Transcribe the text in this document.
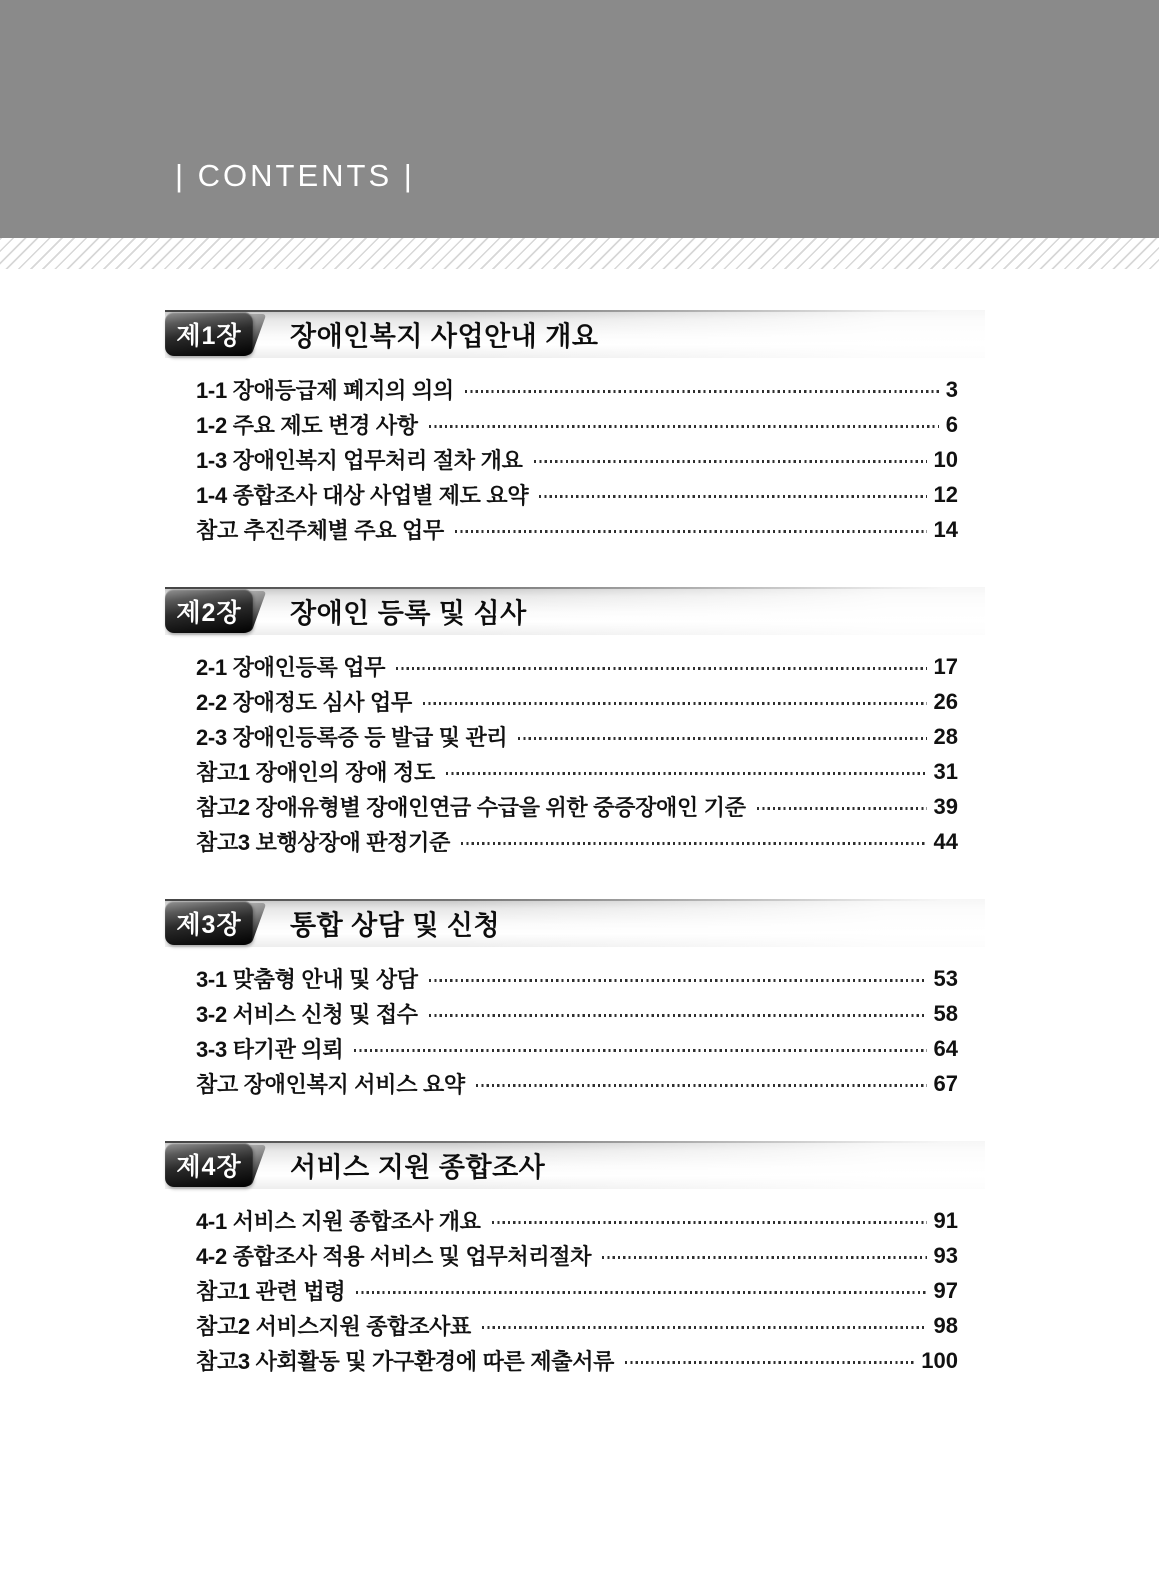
| CONTENTS |
제1장	장애인복지 사업안내 개요
1-1 장애등급제 폐지의 의의	3
1-2 주요 제도 변경 사항	6
1-3 장애인복지 업무처리 절차 개요	10
1-4 종합조사 대상 사업별 제도 요약	12
참고 추진주체별 주요 업무	14
제2장	장애인 등록 및 심사
2-1 장애인등록 업무	17
2-2 장애정도 심사 업무	26
2-3 장애인등록증 등 발급 및 관리	28
참고1 장애인의 장애 정도	31
참고2 장애유형별 장애인연금 수급을 위한 중증장애인 기준	39
참고3 보행상장애 판정기준	44
제3장	통합 상담 및 신청
3-1 맞춤형 안내 및 상담	53
3-2 서비스 신청 및 접수	58
3-3 타기관 의뢰	64
참고 장애인복지 서비스 요약	67
제4장	서비스 지원 종합조사
4-1 서비스 지원 종합조사 개요	91
4-2 종합조사 적용 서비스 및 업무처리절차	93
참고1 관련 법령	97
참고2 서비스지원 종합조사표	98
참고3 사회활동 및 가구환경에 따른 제출서류	100
